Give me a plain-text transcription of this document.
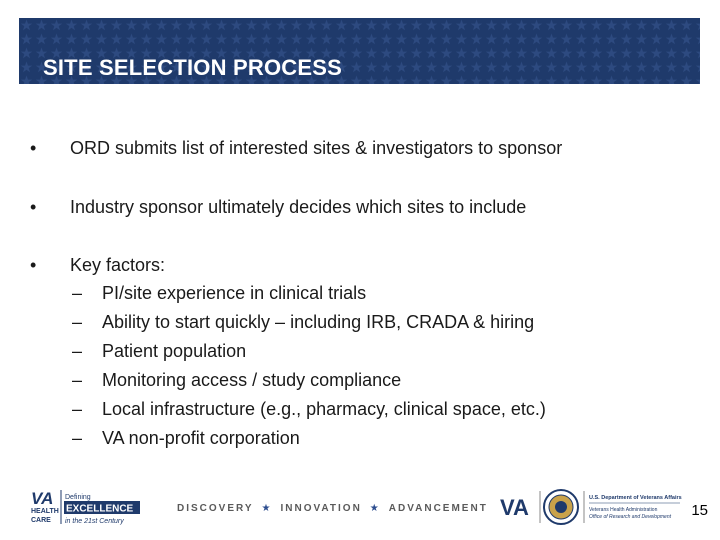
SITE SELECTION PROCESS
•	ORD submits list of interested sites & investigators to sponsor
•	Industry sponsor ultimately decides which sites to include
•	Key factors:
– PI/site experience in clinical trials
– Ability to start quickly – including IRB, CRADA & hiring
– Patient population
– Monitoring access / study compliance
– Local infrastructure (e.g., pharmacy, clinical space, etc.)
– VA non-profit corporation
VA
HEALTH
CARE
Defining
EXCELLENCE
in the 21st Century
DISCOVERY ★ INNOVATION ★ ADVANCEMENT VA	U.S. Department of Veterans Affairs
Veterans Health Administration
Office of Research and Development 15
